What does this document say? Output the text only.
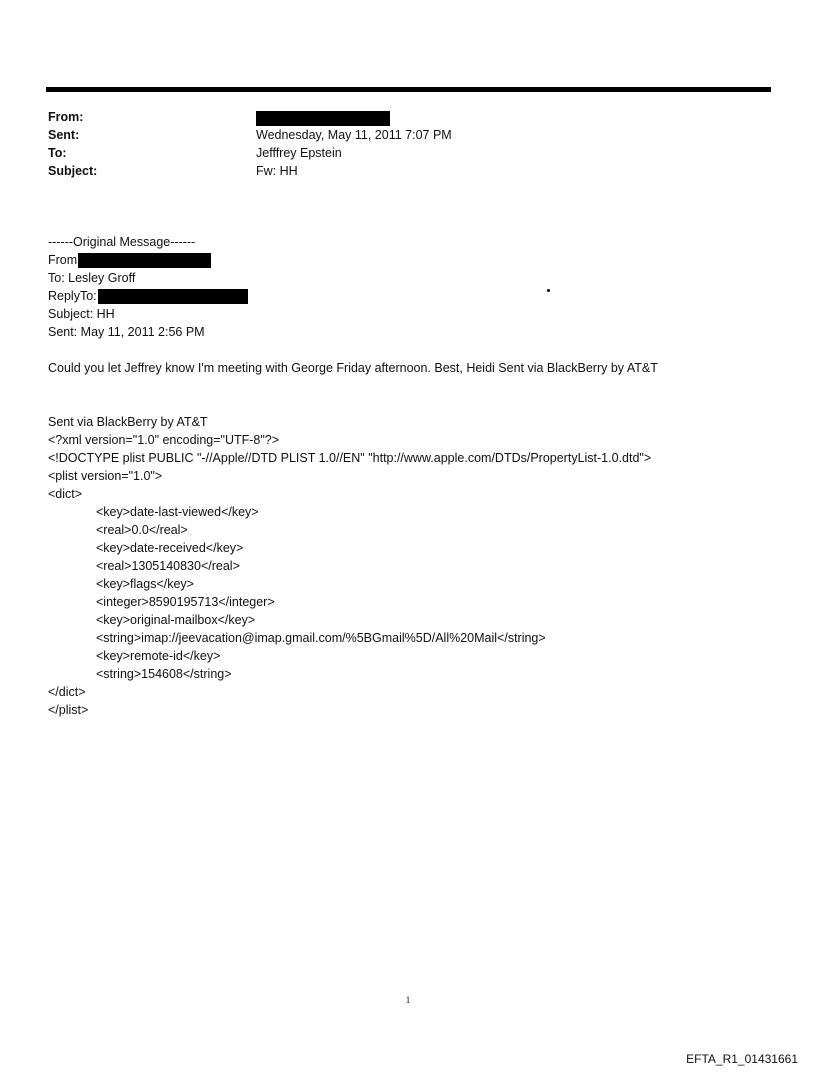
From:
Sent:	Wednesday, May 11, 2011 7:07 PM
To:	Jefffrey Epstein
Subject:	Fw: HH
------Original Message------
From
To: Lesley Groff
ReplyTo:
Subject: HH
Sent: May 11, 2011 2:56 PM
Could you let Jeffrey know I'm meeting with George Friday afternoon. Best, Heidi Sent via BlackBerry by AT&T
Sent via BlackBerry by AT&T
<?xml version="1.0" encoding="UTF-8"?>
<!DOCTYPE plist PUBLIC "-//Apple//DTD PLIST 1.0//EN" "http://www.apple.com/DTDs/PropertyList-1.0.dtd">
<plist version="1.0">
<dict>
<key>date-last-viewed</key>
<real>0.0</real>
<key>date-received</key>
<real>1305140830</real>
<key>flags</key>
<integer>8590195713</integer>
<key>original-mailbox</key>
<string>imap://jeevacation@imap.gmail.com/%5BGmail%5D/All%20Mail</string>
<key>remote-id</key>
<string>154608</string>
</dict>
</plist>
1
EFTA_R1_01431661
